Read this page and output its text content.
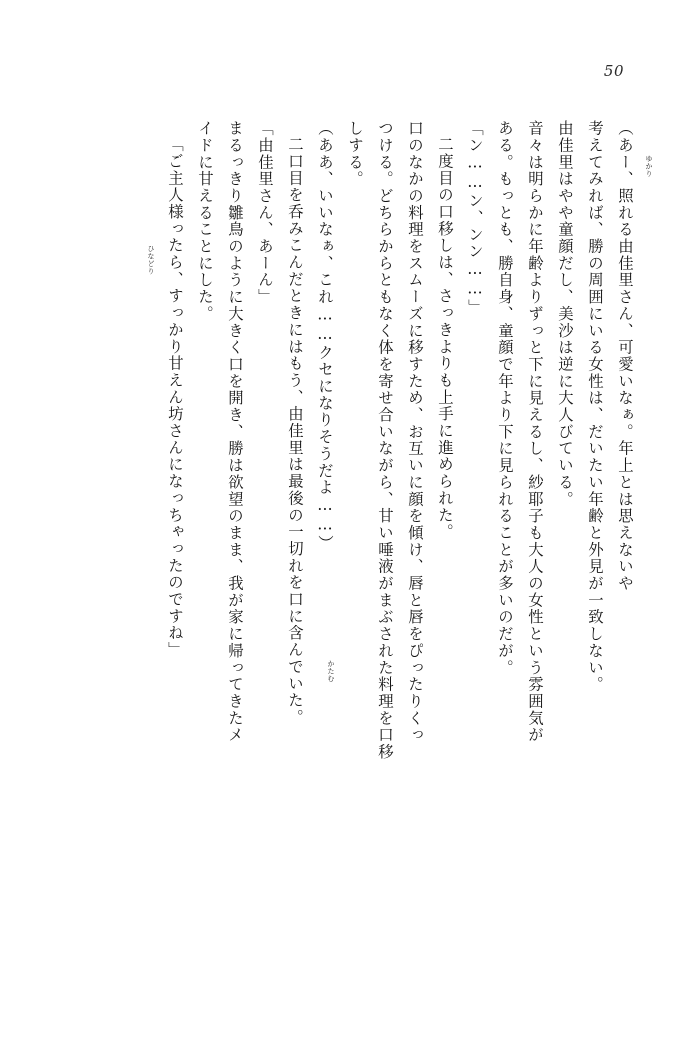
50
（あー、照れる由佳里さん、可愛いなぁ。年上とは思えないや
考えてみれば、勝の周囲にいる女性は、だいたい年齢と外見が一致しない。
由佳里はやや童顔だし、美沙は逆に大人びている。
音々は明らかに年齢よりずっと下に見えるし、紗耶子も大人の女性という雰囲気が
ある。もっとも、勝自身、童顔で年より下に見られることが多いのだが。
「ン……ン、ンン……」
二度目の口移しは、さっきよりも上手に進められた。
口のなかの料理をスムーズに移すため、お互いに顔を傾け、唇と唇をぴったりくっ
つける。どちらからともなく体を寄せ合いながら、甘い唾液がまぶされた料理を口移
しする。
（ああ、いいなぁ、これ……クセになりそうだよ……）
二口目を呑みこんだときにはもう、由佳里は最後の一切れを口に含んでいた。
「由佳里さん、あーん」
まるっきり雛鳥のように大きく口を開き、勝は欲望のまま、我が家に帰ってきたメ
イドに甘えることにした。
「ご主人様ったら、すっかり甘えん坊さんになっちゃったのですね」	ゆかり
かたむ
ひなどり
